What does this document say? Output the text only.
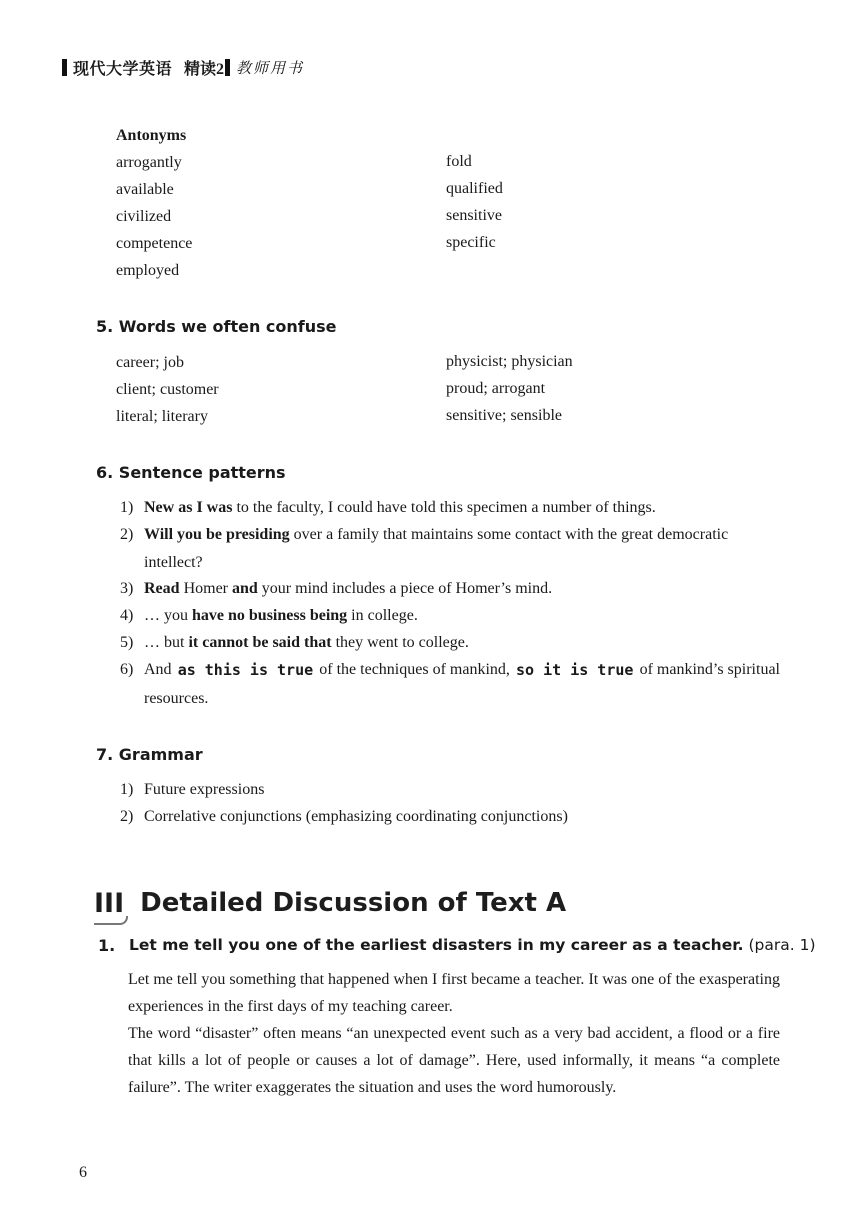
现代大学英语 精读2 教师用书
Antonyms
arrogantly
available
civilized
competence
employed
fold
qualified
sensitive
specific
5. Words we often confuse
career; job
client; customer
literal; literary
physicist; physician
proud; arrogant
sensitive; sensible
6. Sentence patterns
1) New as I was to the faculty, I could have told this specimen a number of things.
2) Will you be presiding over a family that maintains some contact with the great democratic
intellect?
3) Read Homer and your mind includes a piece of Homer’s mind.
4) … you have no business being in college.
5) … but it cannot be said that they went to college.
6) And as this is true of the techniques of mankind, so it is true of mankind’s spiritual
resources.
7. Grammar
1) Future expressions
2) Correlative conjunctions (emphasizing coordinating conjunctions)
III Detailed Discussion of Text A
1. Let me tell you one of the earliest disasters in my career as a teacher. (para. 1)
Let me tell you something that happened when I first became a teacher. It was one of the exasperating experiences in the first days of my teaching career.
The word “disaster” often means “an unexpected event such as a very bad accident, a flood or a fire that kills a lot of people or causes a lot of damage”. Here, used informally, it means “a complete failure”. The writer exaggerates the situation and uses the word humorously.
6
